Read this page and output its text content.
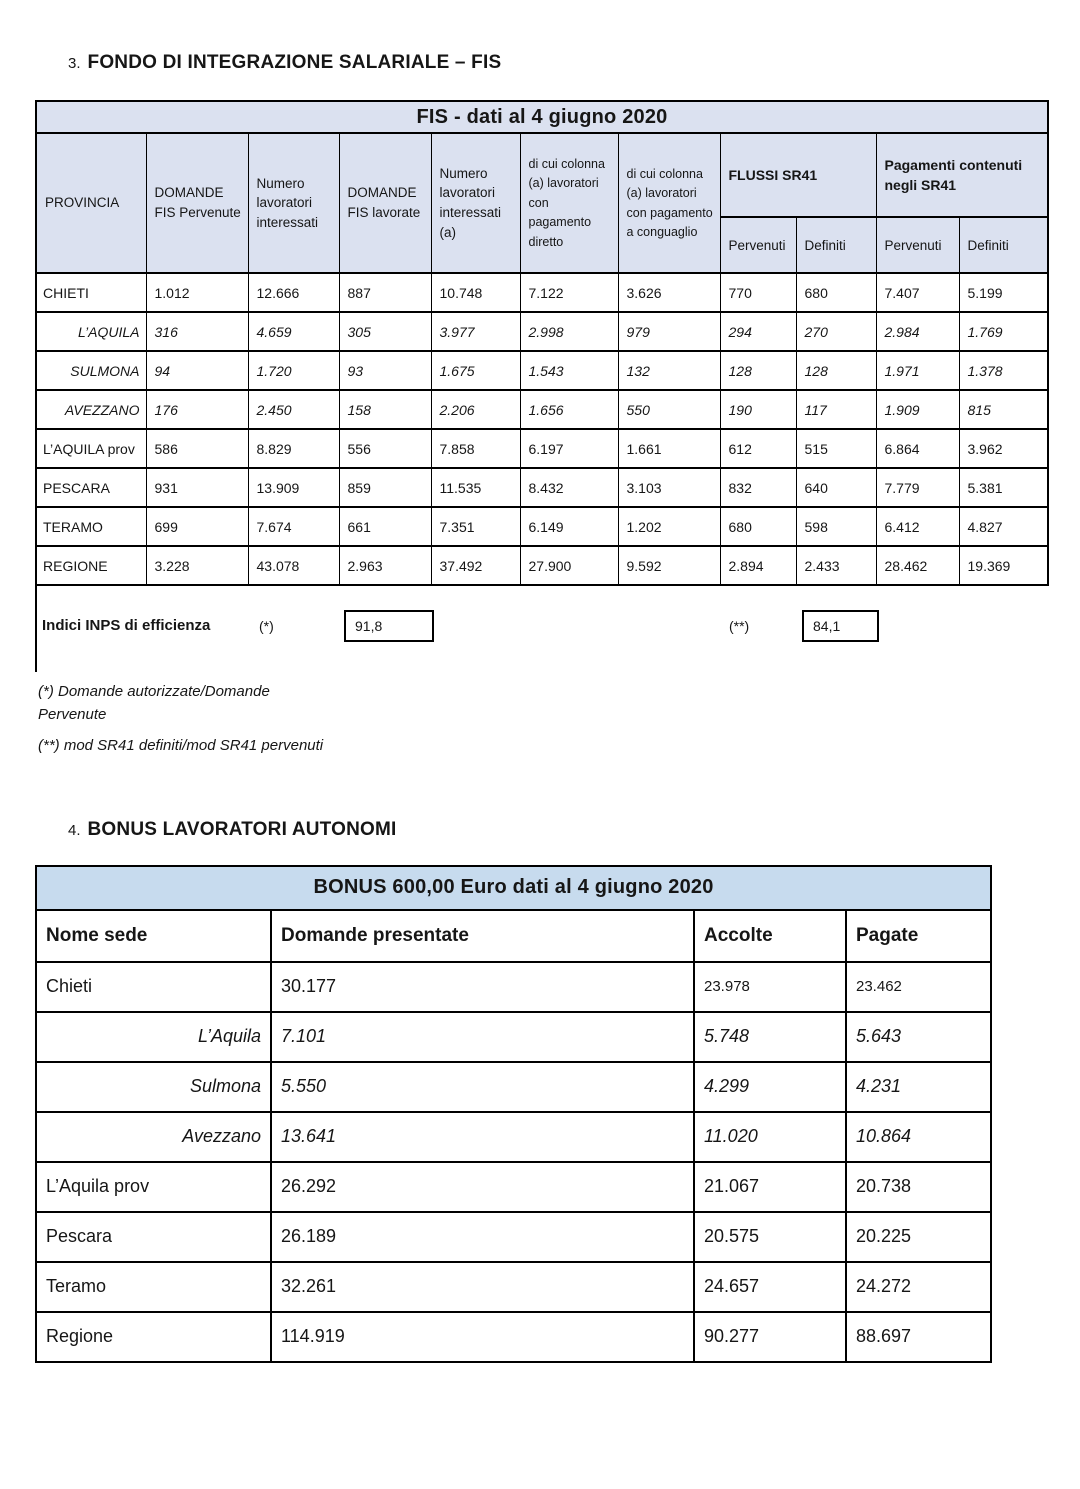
3. FONDO DI INTEGRAZIONE SALARIALE – FIS
FIS - dati al 4 giugno 2020										
PROVINCIA	DOMANDE FIS Pervenute	Numero lavoratori interessati	DOMANDE FIS lavorate	Numero lavoratori interessati (a)	di cui colonna (a) lavoratori con pagamento diretto	di cui colonna (a) lavoratori con pagamento a conguaglio	FLUSSI SR41		Pagamenti contenuti negli SR41	
							Pervenuti	Definiti	Pervenuti	Definiti
CHIETI	1.012	12.666	887	10.748	7.122	3.626	770	680	7.407	5.199
L’AQUILA	316	4.659	305	3.977	2.998	979	294	270	2.984	1.769
SULMONA	94	1.720	93	1.675	1.543	132	128	128	1.971	1.378
AVEZZANO	176	2.450	158	2.206	1.656	550	190	117	1.909	815
L’AQUILA prov	586	8.829	556	7.858	6.197	1.661	612	515	6.864	3.962
PESCARA	931	13.909	859	11.535	8.432	3.103	832	640	7.779	5.381
TERAMO	699	7.674	661	7.351	6.149	1.202	680	598	6.412	4.827
REGIONE	3.228	43.078	2.963	37.492	27.900	9.592	2.894	2.433	28.462	19.369
Indici INPS di efficienza	(*)	91,8	(**)	84,1
(*) Domande autorizzate/Domande Pervenute
(**) mod SR41 definiti/mod SR41 pervenuti
4. BONUS LAVORATORI AUTONOMI
BONUS 600,00 Euro dati al 4 giugno 2020			
Nome sede	Domande presentate	Accolte	Pagate
Chieti	30.177	23.978	23.462
L’Aquila	7.101	5.748	5.643
Sulmona	5.550	4.299	4.231
Avezzano	13.641	11.020	10.864
L’Aquila prov	26.292	21.067	20.738
Pescara	26.189	20.575	20.225
Teramo	32.261	24.657	24.272
Regione	114.919	90.277	88.697
